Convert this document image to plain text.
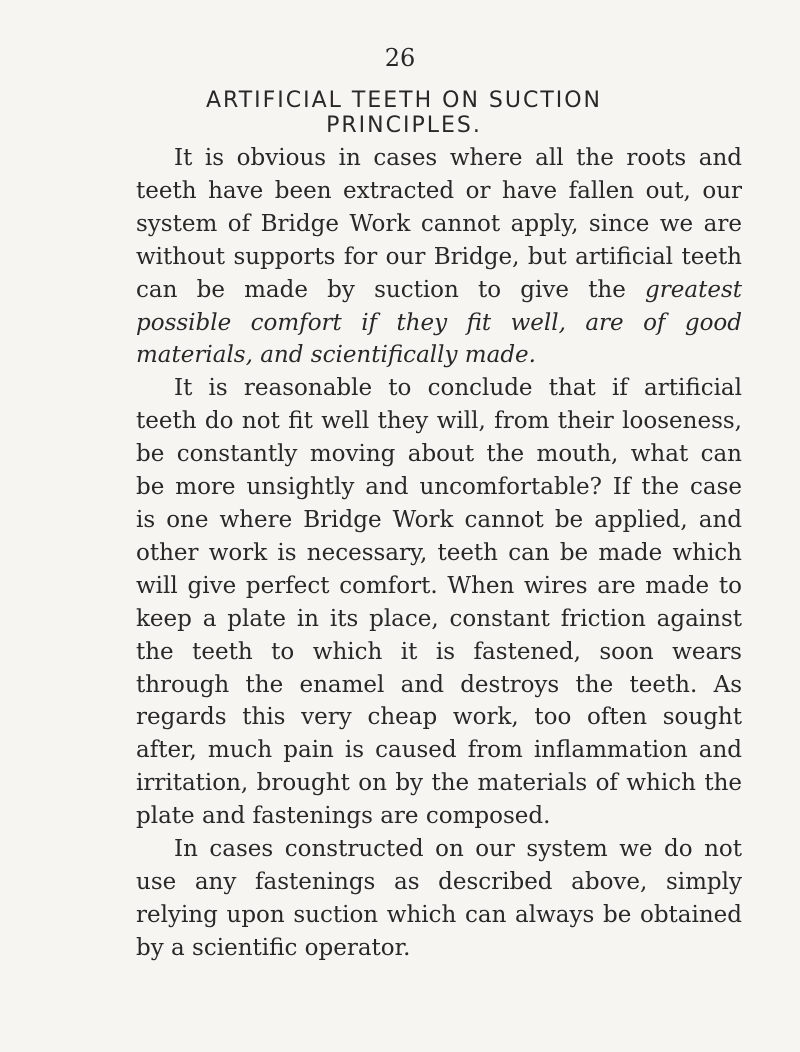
26
ARTIFICIAL TEETH ON SUCTION
PRINCIPLES.

It is obvious in cases where all the roots and teeth have been extracted or have fallen out, our system of Bridge Work cannot apply, since we are without supports for our Bridge, but artificial teeth can be made by suction to give the greatest possible comfort if they fit well, are of good materials, and scientifically made.

It is reasonable to conclude that if artificial teeth do not fit well they will, from their looseness, be constantly moving about the mouth, what can be more unsightly and uncomfortable? If the case is one where Bridge Work cannot be applied, and other work is necessary, teeth can be made which will give perfect comfort. When wires are made to keep a plate in its place, constant friction against the teeth to which it is fastened, soon wears through the enamel and destroys the teeth. As regards this very cheap work, too often sought after, much pain is caused from inflammation and irritation, brought on by the materials of which the plate and fastenings are composed.

In cases constructed on our system we do not use any fastenings as described above, simply relying upon suction which can always be obtained by a scientific operator.
